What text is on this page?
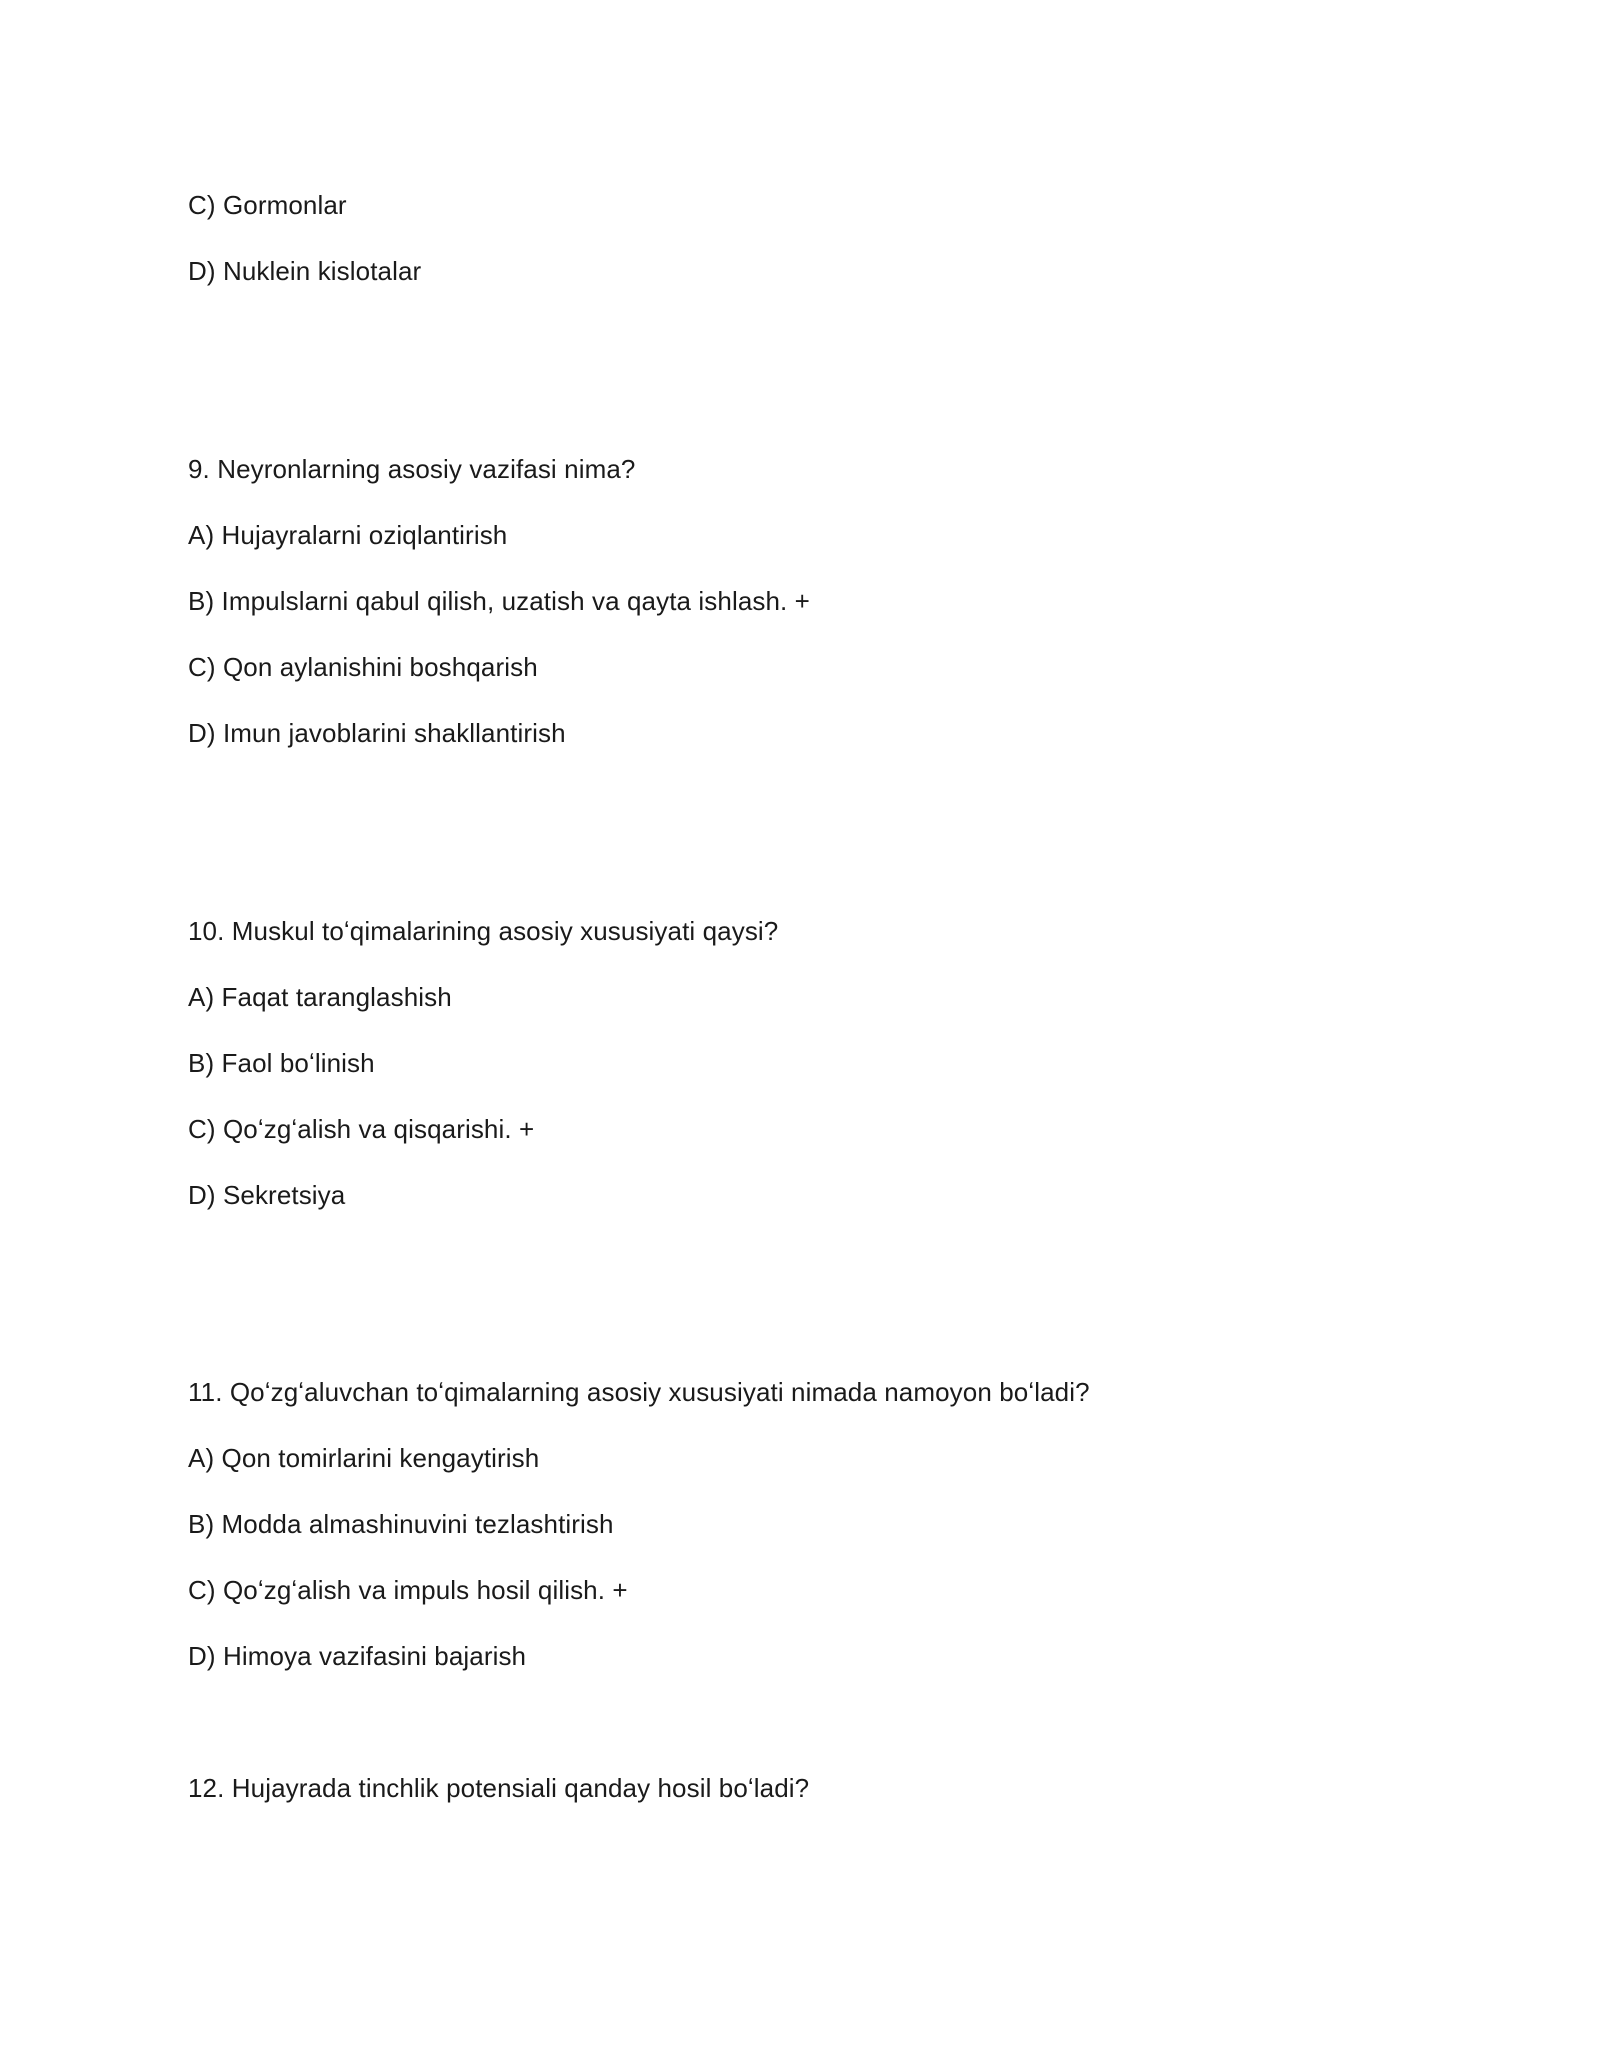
C) Gormonlar
D) Nuklein kislotalar
9. Neyronlarning asosiy vazifasi nima?
A) Hujayralarni oziqlantirish
B) Impulslarni qabul qilish, uzatish va qayta ishlash. +
C) Qon aylanishini boshqarish
D) Imun javoblarini shakllantirish
10. Muskul toʻqimalarining asosiy xususiyati qaysi?
A) Faqat taranglashish
B) Faol boʻlinish
C) Qoʻzgʻalish va qisqarishi. +
D) Sekretsiya
11. Qoʻzgʻaluvchan toʻqimalarning asosiy xususiyati nimada namoyon boʻladi?
A) Qon tomirlarini kengaytirish
B) Modda almashinuvini tezlashtirish
C) Qoʻzgʻalish va impuls hosil qilish. +
D) Himoya vazifasini bajarish
12. Hujayrada tinchlik potensiali qanday hosil boʻladi?
